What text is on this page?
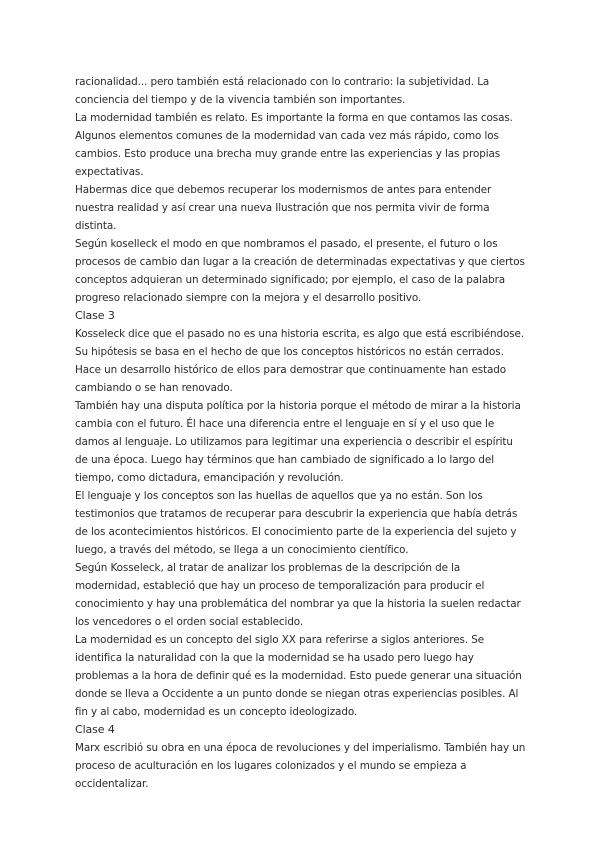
racionalidad... pero también está relacionado con lo contrario: la subjetividad. La conciencia del tiempo y de la vivencia también son importantes.

La modernidad también es relato. Es importante la forma en que contamos las cosas. Algunos elementos comunes de la modernidad van cada vez más rápido, como los cambios. Esto produce una brecha muy grande entre las experiencias y las propias expectativas.

Habermas dice que debemos recuperar los modernismos de antes para entender nuestra realidad y así crear una nueva Ilustración que nos permita vivir de forma distinta.

Según koselleck el modo en que nombramos el pasado, el presente, el futuro o los procesos de cambio dan lugar a la creación de determinadas expectativas y que ciertos conceptos adquieran un determinado significado; por ejemplo, el caso de la palabra progreso relacionado siempre con la mejora y el desarrollo positivo.

Clase 3

Kosseleck dice que el pasado no es una historia escrita, es algo que está escribiéndose. Su hipótesis se basa en el hecho de que los conceptos históricos no están cerrados. Hace un desarrollo histórico de ellos para demostrar que continuamente han estado cambiando o se han renovado.

También hay una disputa política por la historia porque el método de mirar a la historia cambia con el futuro. Él hace una diferencia entre el lenguaje en sí y el uso que le damos al lenguaje. Lo utilizamos para legitimar una experiencia o describir el espíritu de una época. Luego hay términos que han cambiado de significado a lo largo del tiempo, como dictadura, emancipación y revolución.

El lenguaje y los conceptos son las huellas de aquellos que ya no están. Son los testimonios que tratamos de recuperar para descubrir la experiencia que había detrás de los acontecimientos históricos. El conocimiento parte de la experiencia del sujeto y luego, a través del método, se llega a un conocimiento científico.

Según Kosseleck, al tratar de analizar los problemas de la descripción de la modernidad, estableció que hay un proceso de temporalización para producir el conocimiento y hay una problemática del nombrar ya que la historia la suelen redactar los vencedores o el orden social establecido.

La modernidad es un concepto del siglo XX para referirse a siglos anteriores. Se identifica la naturalidad con la que la modernidad se ha usado pero luego hay problemas a la hora de definir qué es la modernidad. Esto puede generar una situación donde se lleva a Occidente a un punto donde se niegan otras experiencias posibles. Al fin y al cabo, modernidad es un concepto ideologizado.

Clase 4

Marx escribió su obra en una época de revoluciones y del imperialismo. También hay un proceso de aculturación en los lugares colonizados y el mundo se empieza a occidentalizar.
